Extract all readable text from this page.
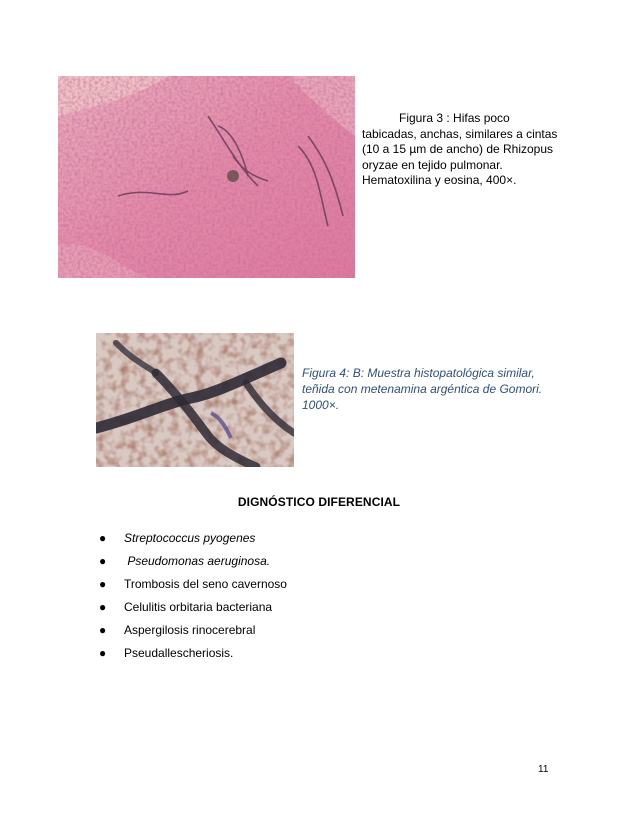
Figura 3 : Hifas poco
tabicadas, anchas, similares a cintas (10 a 15 µm de ancho) de Rhizopus oryzae en tejido pulmonar. Hematoxilina y eosina, 400×.
Figura 4: B: Muestra histopatológica similar, teñida con metenamina argéntica de Gomori. 1000×.
DIGNÓSTICO DIFERENCIAL
● Streptococcus pyogenes
● Pseudomonas aeruginosa.
● Trombosis del seno cavernoso
● Celulitis orbitaria bacteriana
● Aspergilosis rinocerebral
● Pseudallescheriosis.
11
